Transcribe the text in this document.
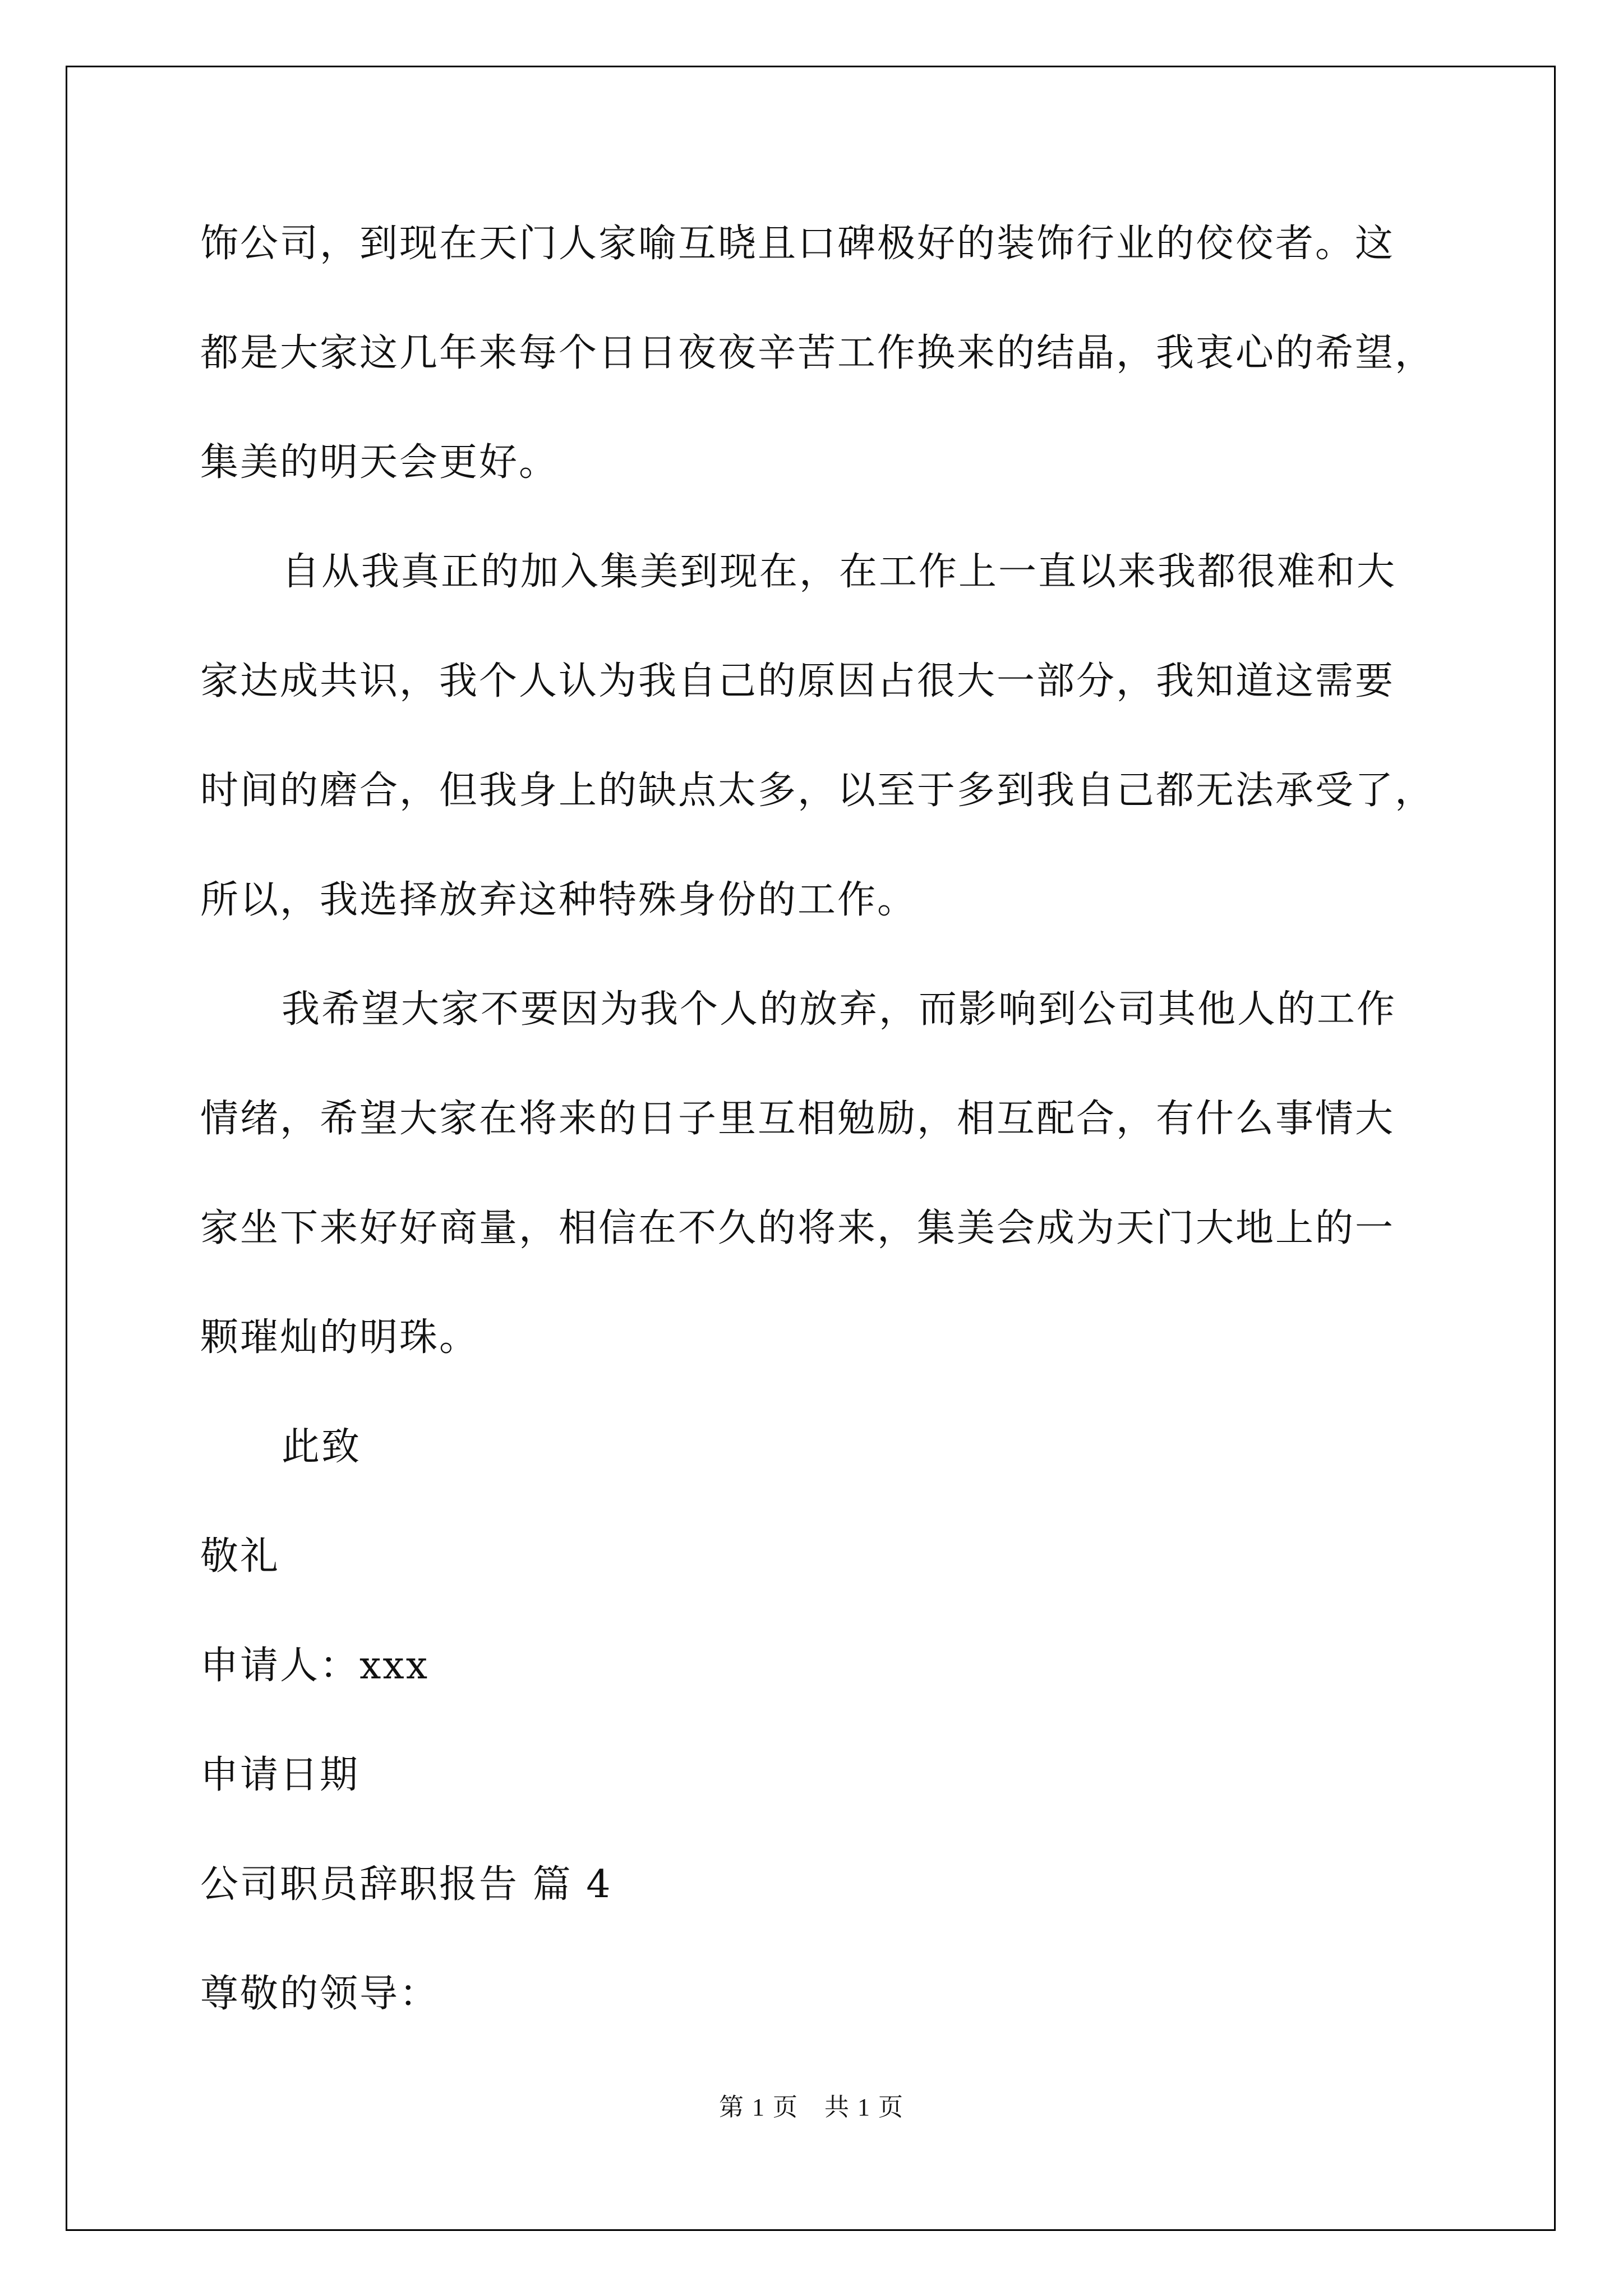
饰公司，到现在天门人家喻互晓且口碑极好的装饰行业的佼佼者。这
都是大家这几年来每个日日夜夜辛苦工作换来的结晶，我衷心的希望，
集美的明天会更好。
自从我真正的加入集美到现在，在工作上一直以来我都很难和大
家达成共识，我个人认为我自己的原因占很大一部分，我知道这需要
时间的磨合，但我身上的缺点太多，以至于多到我自己都无法承受了，
所以，我选择放弃这种特殊身份的工作。
我希望大家不要因为我个人的放弃，而影响到公司其他人的工作
情绪，希望大家在将来的日子里互相勉励，相互配合，有什么事情大
家坐下来好好商量，相信在不久的将来，集美会成为天门大地上的一
颗璀灿的明珠。
此致
敬礼
申请人：xxx
申请日期
公司职员辞职报告 篇 4
尊敬的领导：
第 1 页　共 1 页
